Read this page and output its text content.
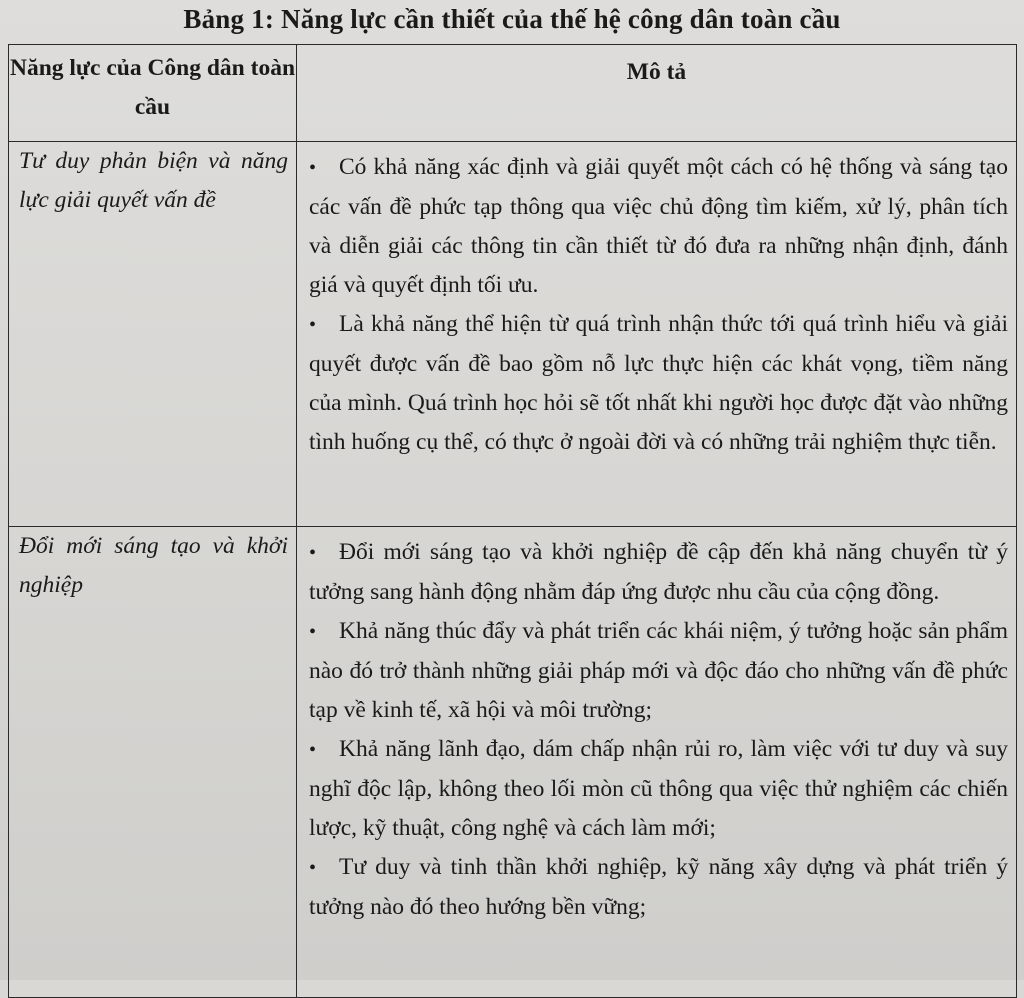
Bảng 1: Năng lực cần thiết của thế hệ công dân toàn cầu
Năng lực của Công dân toàn cầu	Mô tả
Tư duy phản biện và năng lực giải quyết vấn đề	• Có khả năng xác định và giải quyết một cách có hệ thống và sáng tạo các vấn đề phức tạp thông qua việc chủ động tìm kiếm, xử lý, phân tích và diễn giải các thông tin cần thiết từ đó đưa ra những nhận định, đánh giá và quyết định tối ưu.

• Là khả năng thể hiện từ quá trình nhận thức tới quá trình hiểu và giải quyết được vấn đề bao gồm nỗ lực thực hiện các khát vọng, tiềm năng của mình. Quá trình học hỏi sẽ tốt nhất khi người học được đặt vào những tình huống cụ thể, có thực ở ngoài đời và có những trải nghiệm thực tiễn.

Đổi mới sáng tạo và khởi nghiệp	• Đổi mới sáng tạo và khởi nghiệp đề cập đến khả năng chuyển từ ý tưởng sang hành động nhằm đáp ứng được nhu cầu của cộng đồng.

• Khả năng thúc đẩy và phát triển các khái niệm, ý tưởng hoặc sản phẩm nào đó trở thành những giải pháp mới và độc đáo cho những vấn đề phức tạp về kinh tế, xã hội và môi trường;

• Khả năng lãnh đạo, dám chấp nhận rủi ro, làm việc với tư duy và suy nghĩ độc lập, không theo lối mòn cũ thông qua việc thử nghiệm các chiến lược, kỹ thuật, công nghệ và cách làm mới;

• Tư duy và tinh thần khởi nghiệp, kỹ năng xây dựng và phát triển ý tưởng nào đó theo hướng bền vững;
